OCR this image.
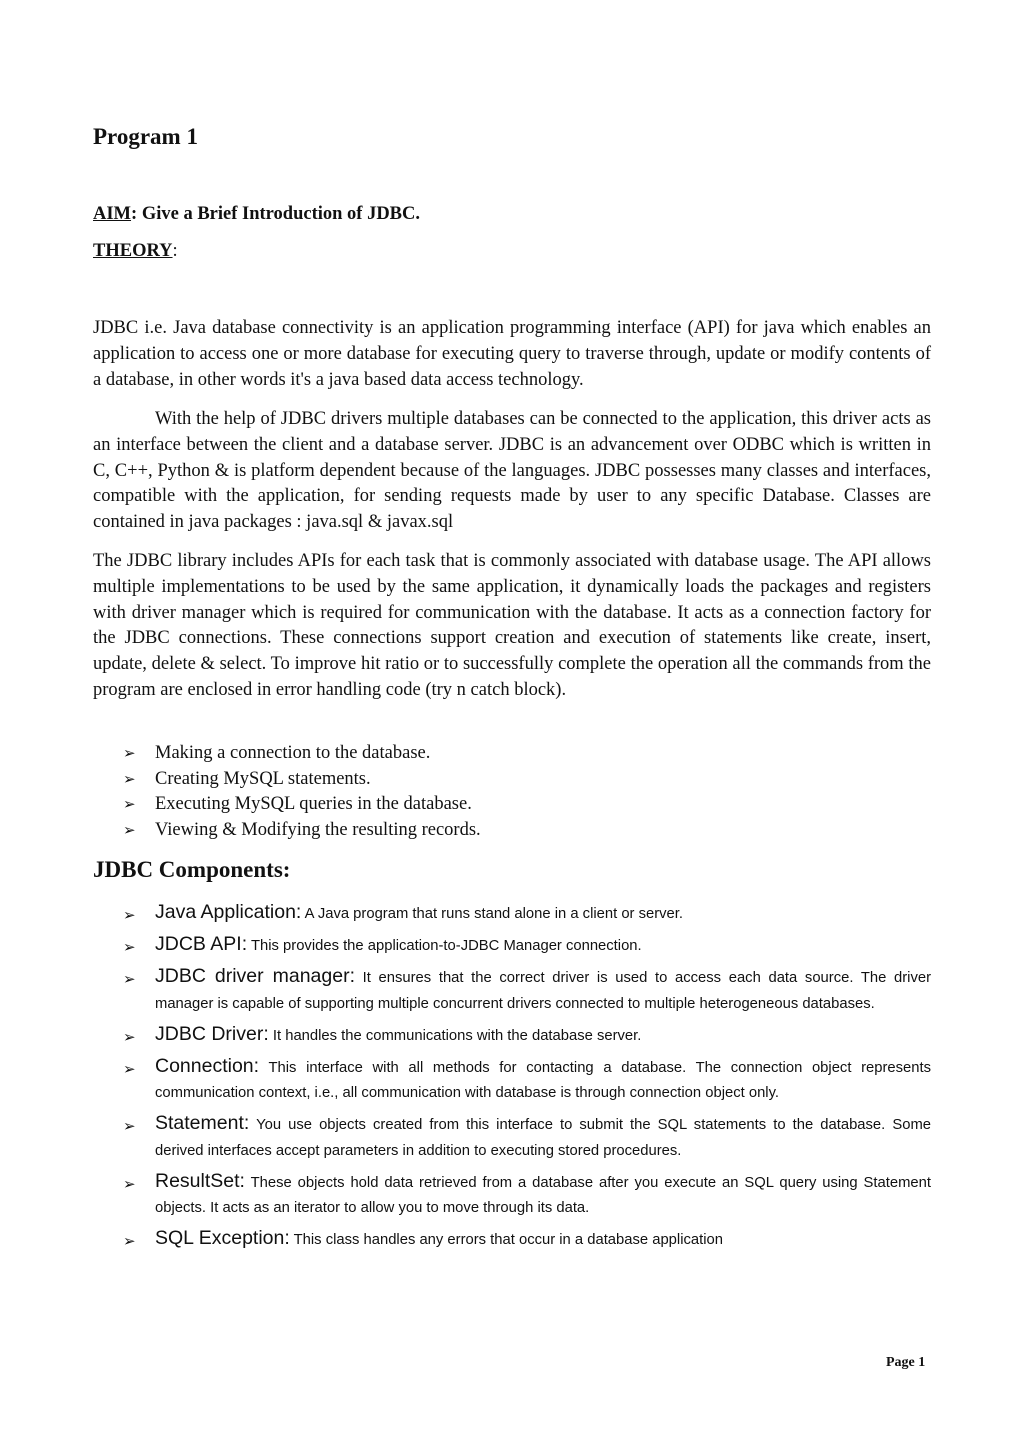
Program 1
AIM: Give a Brief Introduction of JDBC.
THEORY:

JDBC i.e. Java database connectivity is an application programming interface (API) for java which enables an application to access one or more database for executing query to traverse through, update or modify contents of a database, in other words it's a java based data access technology.

With the help of JDBC drivers multiple databases can be connected to the application, this driver acts as an interface between the client and a database server. JDBC is an advancement over ODBC which is written in C, C++, Python & is platform dependent because of the languages. JDBC possesses many classes and interfaces, compatible with the application, for sending requests made by user to any specific Database. Classes are contained in java packages : java.sql & javax.sql

The JDBC library includes APIs for each task that is commonly associated with database usage. The API allows multiple implementations to be used by the same application, it dynamically loads the packages and registers with driver manager which is required for communication with the database. It acts as a connection factory for the JDBC connections. These connections support creation and execution of statements like create, insert, update, delete & select. To improve hit ratio or to successfully complete the operation all the commands from the program are enclosed in error handling code (try n catch block).

➢ Making a connection to the database.
➢ Creating MySQL statements.
➢ Executing MySQL queries in the database.
➢ Viewing & Modifying the resulting records.
JDBC Components:
➢ Java Application: A Java program that runs stand alone in a client or server.
➢ JDCB API: This provides the application-to-JDBC Manager connection.
➢ JDBC driver manager: It ensures that the correct driver is used to access each data source. The driver manager is capable of supporting multiple concurrent drivers connected to multiple heterogeneous databases.
➢ JDBC Driver: It handles the communications with the database server.
➢ Connection: This interface with all methods for contacting a database. The connection object represents communication context, i.e., all communication with database is through connection object only.
➢ Statement: You use objects created from this interface to submit the SQL statements to the database. Some derived interfaces accept parameters in addition to executing stored procedures.
➢ ResultSet: These objects hold data retrieved from a database after you execute an SQL query using Statement objects. It acts as an iterator to allow you to move through its data.
➢ SQL Exception: This class handles any errors that occur in a database application
Page 1
